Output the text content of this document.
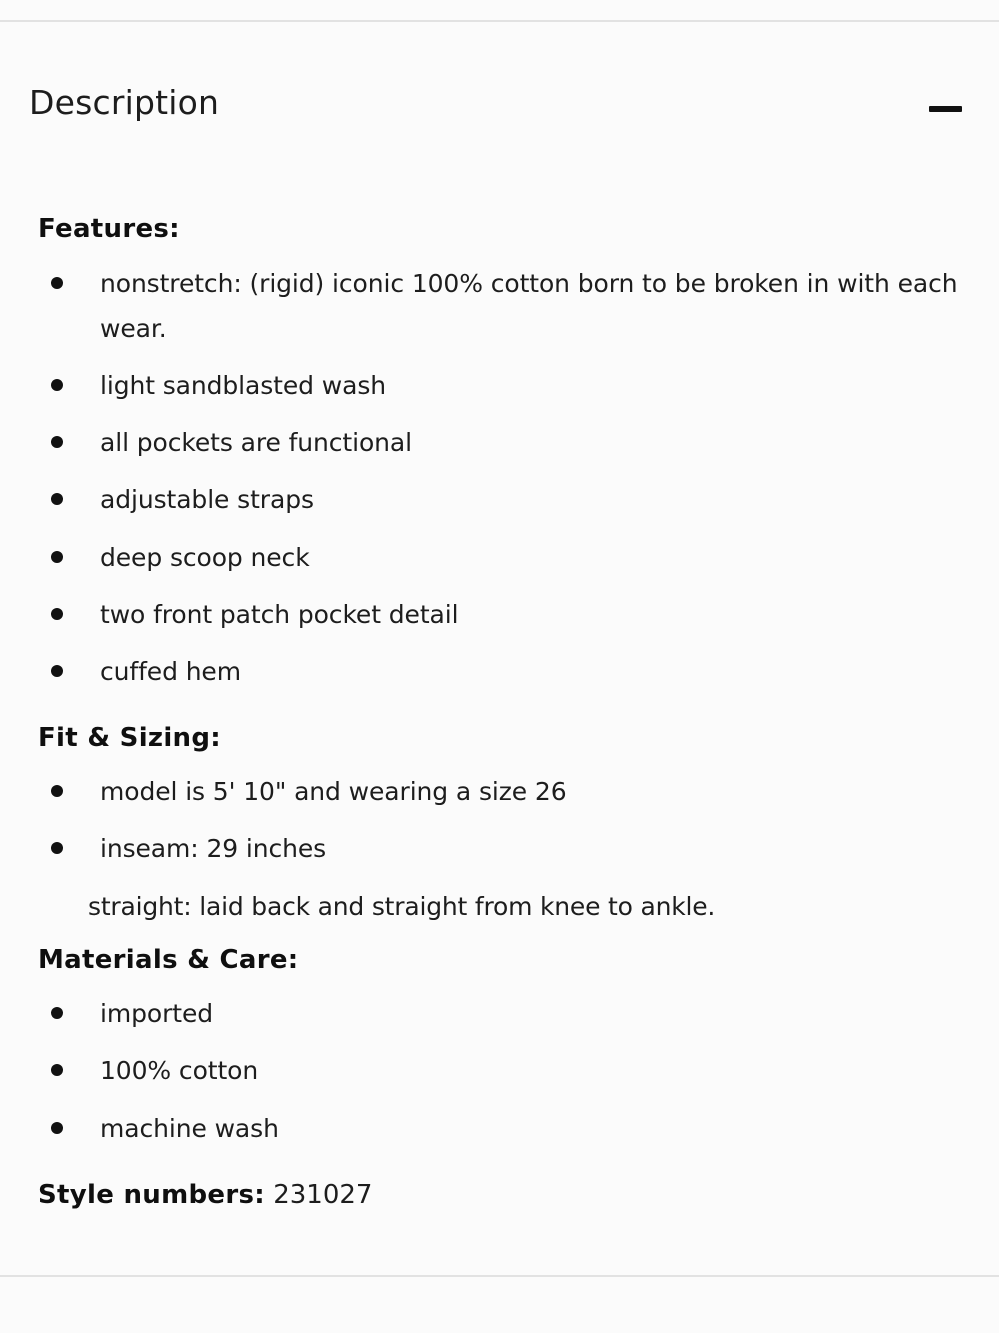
Description
Features:
nonstretch: (rigid) iconic 100% cotton born to be broken in with each wear.
light sandblasted wash
all pockets are functional
adjustable straps
deep scoop neck
two front patch pocket detail
cuffed hem
Fit & Sizing:
model is 5' 10" and wearing a size 26
inseam: 29 inches
straight: laid back and straight from knee to ankle.
Materials & Care:
imported
100% cotton
machine wash
Style numbers: 231027
